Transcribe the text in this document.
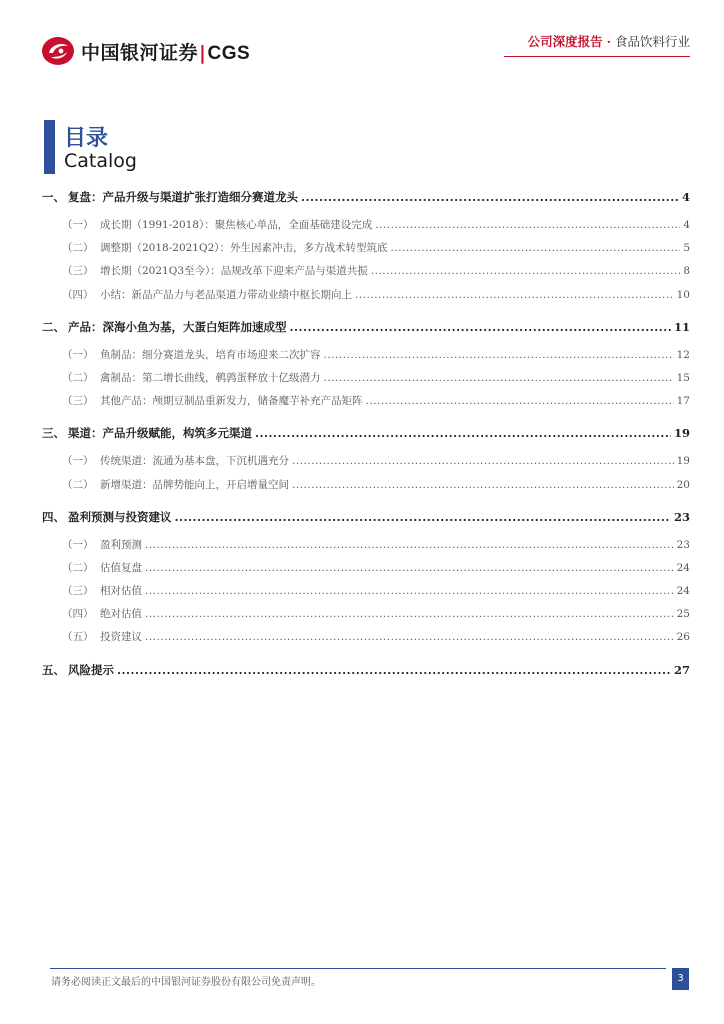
中国银河证券|CGS
公司深度报告 · 食品饮料行业
目录
Catalog
一、 复盘：产品升级与渠道扩张打造细分赛道龙头 .....	4
（一） 成长期（1991-2018）：聚焦核心单品，全面基础建设完成 .....	4
（二） 调整期（2018-2021Q2）：外生因素冲击，多方战术转型筑底 .....	5
（三） 增长期（2021Q3至今）：品规改革下迎来产品与渠道共振 .....	8
（四） 小结：新品产品力与老品渠道力带动业绩中枢长期向上 .....	10
二、 产品：深海小鱼为基，大蛋白矩阵加速成型 .....	11
（一） 鱼制品：细分赛道龙头，培育市场迎来二次扩容 .....	12
（二） 禽制品：第二增长曲线，鹌鹑蛋释放十亿级潜力 .....	15
（三） 其他产品：颅期豆制品重新发力，储备魔芋补充产品矩阵 .....	17
三、 渠道：产品升级赋能，构筑多元渠道 .....	19
（一） 传统渠道：流通为基本盘，下沉机遇充分 .....	19
（二） 新增渠道：品牌势能向上，开启增量空间 .....	20
四、 盈利预测与投资建议 .....	23
（一） 盈利预测 .....	23
（二） 估值复盘 .....	24
（三） 相对估值 .....	24
（四） 绝对估值 .....	25
（五） 投资建议 .....	26
五、 风险提示 .....	27
请务必阅读正文最后的中国银河证券股份有限公司免责声明。	3
